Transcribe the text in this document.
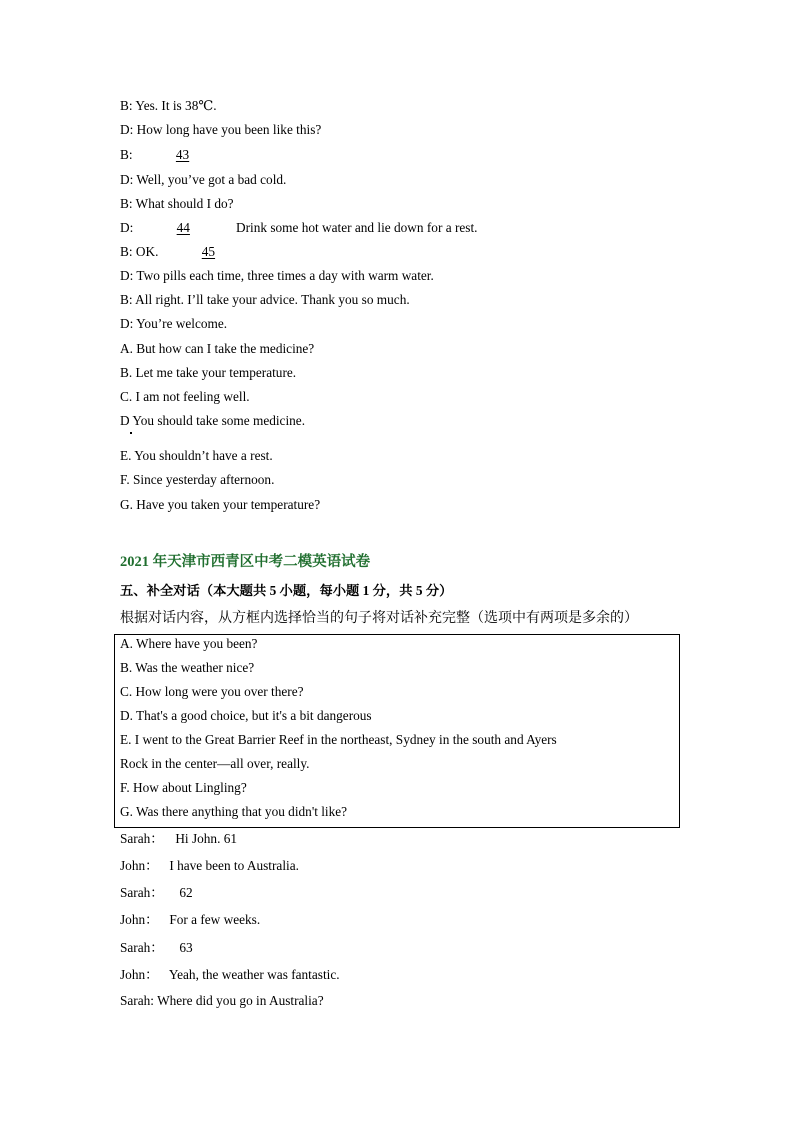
B: Yes. It is 38℃.
D: How long have you been like this?
B:	43
D: Well, you’ve got a bad cold.
B: What should I do?
D:	44	Drink some hot water and lie down for a rest.
B: OK.	45
D: Two pills each time, three times a day with warm water.
B: All right. I’ll take your advice. Thank you so much.
D: You’re welcome.
A. But how can I take the medicine?
B. Let me take your temperature.
C. I am not feeling well.
D You should take some medicine.
E. You shouldn’t have a rest.
F. Since yesterday afternoon.
G. Have you taken your temperature?
2021 年天津市西青区中考二模英语试卷
五、补全对话（本大题共 5 小题，每小题 1 分，共 5 分）
根据对话内容，从方框内选择恰当的句子将对话补充完整（选项中有两项是多余的）
A. Where have you been?
B. Was the weather nice?
C. How long were you over there?
D. That's a good choice, but it's a bit dangerous
E. I went to the Great Barrier Reef in the northeast, Sydney in the south and Ayers
Rock in the center—all over, really.
F. How about Lingling?
G. Was there anything that you didn't like?
Sarah： Hi John. 61
John： I have been to Australia.
Sarah： 62
John： For a few weeks.
Sarah： 63
John： Yeah, the weather was fantastic.
Sarah: Where did you go in Australia?
